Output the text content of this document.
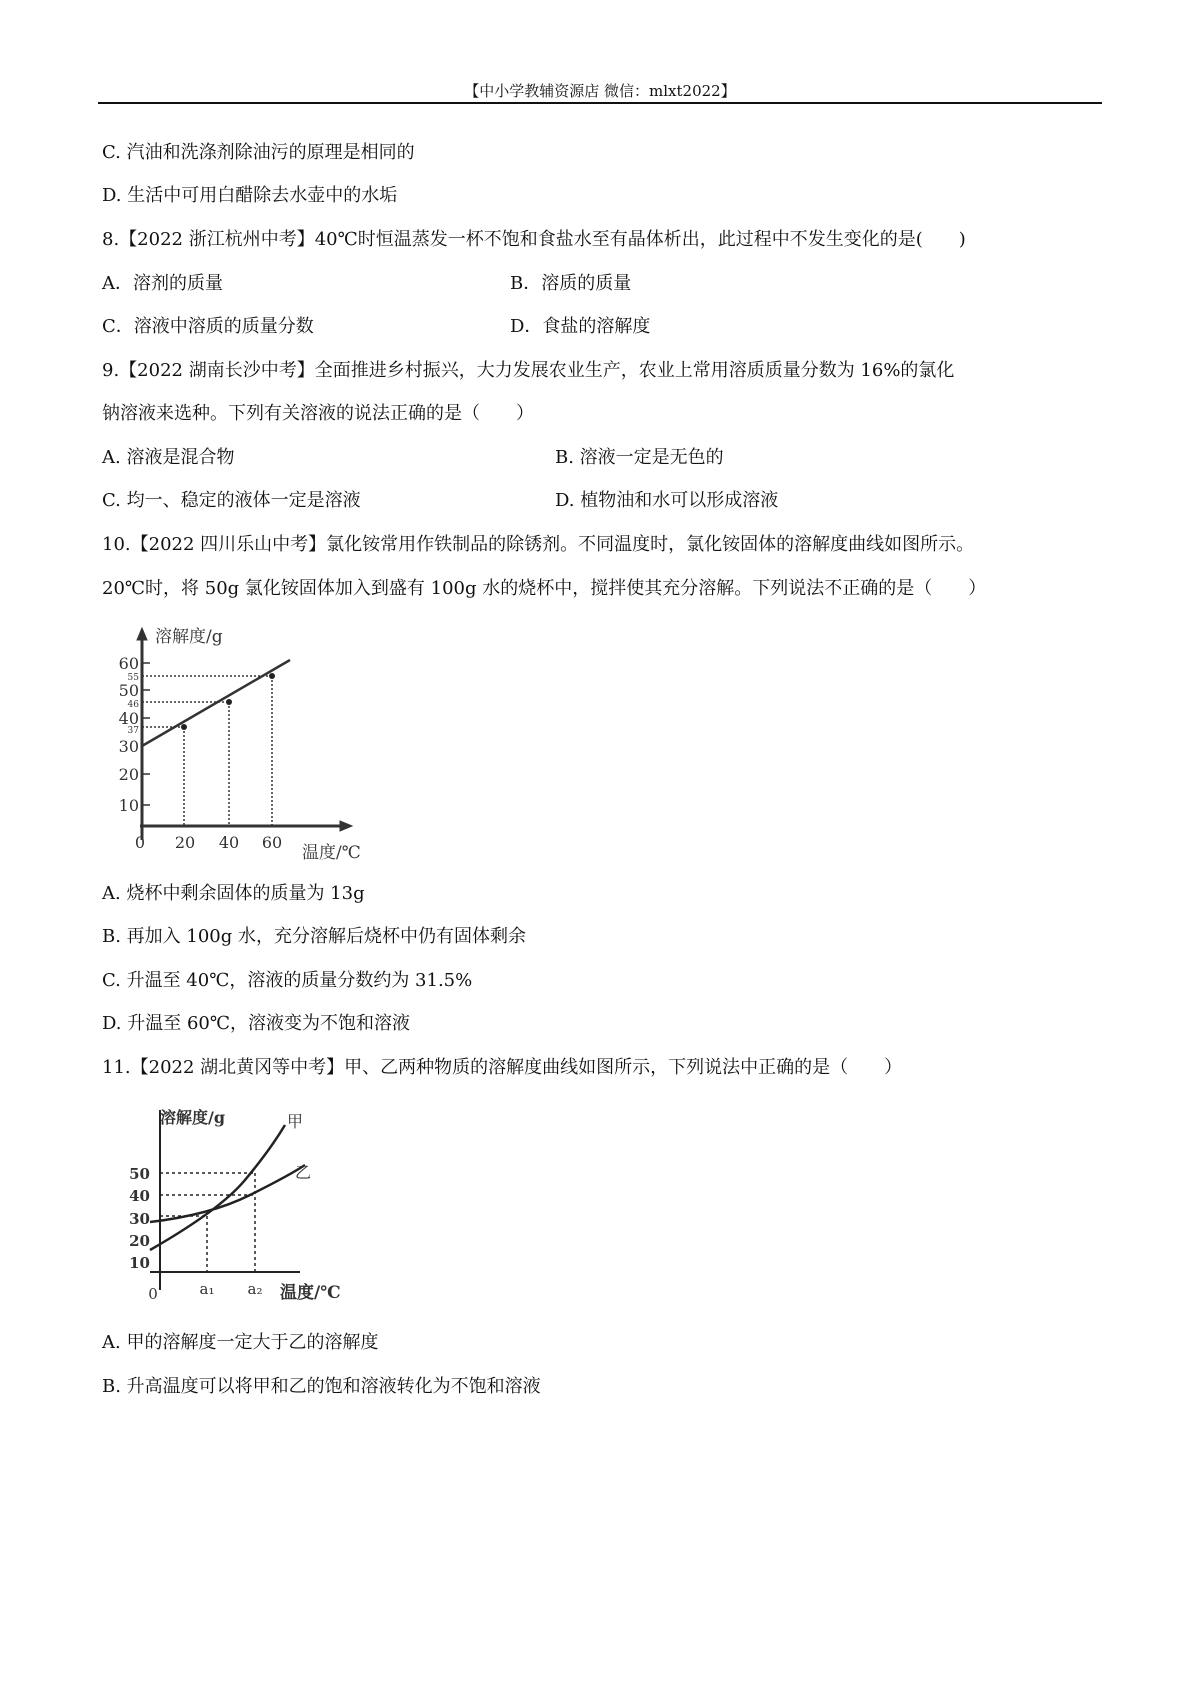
【中小学教辅资源店 微信：mlxt2022】
C. 汽油和洗涤剂除油污的原理是相同的
D. 生活中可用白醋除去水壶中的水垢
8.【2022 浙江杭州中考】40℃时恒温蒸发一杯不饱和食盐水至有晶体析出，此过程中不发生变化的是(　　)
A．溶剂的质量	B．溶质的质量
C．溶液中溶质的质量分数	D．食盐的溶解度
9.【2022 湖南长沙中考】全面推进乡村振兴，大力发展农业生产，农业上常用溶质质量分数为 16%的氯化
钠溶液来选种。下列有关溶液的说法正确的是（　　）
A. 溶液是混合物	B. 溶液一定是无色的
C. 均一、稳定的液体一定是溶液	D. 植物油和水可以形成溶液
10.【2022 四川乐山中考】氯化铵常用作铁制品的除锈剂。不同温度时，氯化铵固体的溶解度曲线如图所示。
20℃时，将 50g 氯化铵固体加入到盛有 100g 水的烧杯中，搅拌使其充分溶解。下列说法不正确的是（　　）
溶解度/g
温度/℃
60
55
50
46
40
37
30
20
10
0 20 40 60
溶解度/g	甲
乙
温度/℃
50
40
30
20
10
0	a₁ a₂
A. 烧杯中剩余固体的质量为 13g
B. 再加入 100g 水，充分溶解后烧杯中仍有固体剩余
C. 升温至 40℃，溶液的质量分数约为 31.5%
D. 升温至 60℃，溶液变为不饱和溶液
11.【2022 湖北黄冈等中考】甲、乙两种物质的溶解度曲线如图所示，下列说法中正确的是（　　）
A. 甲的溶解度一定大于乙的溶解度
B. 升高温度可以将甲和乙的饱和溶液转化为不饱和溶液
